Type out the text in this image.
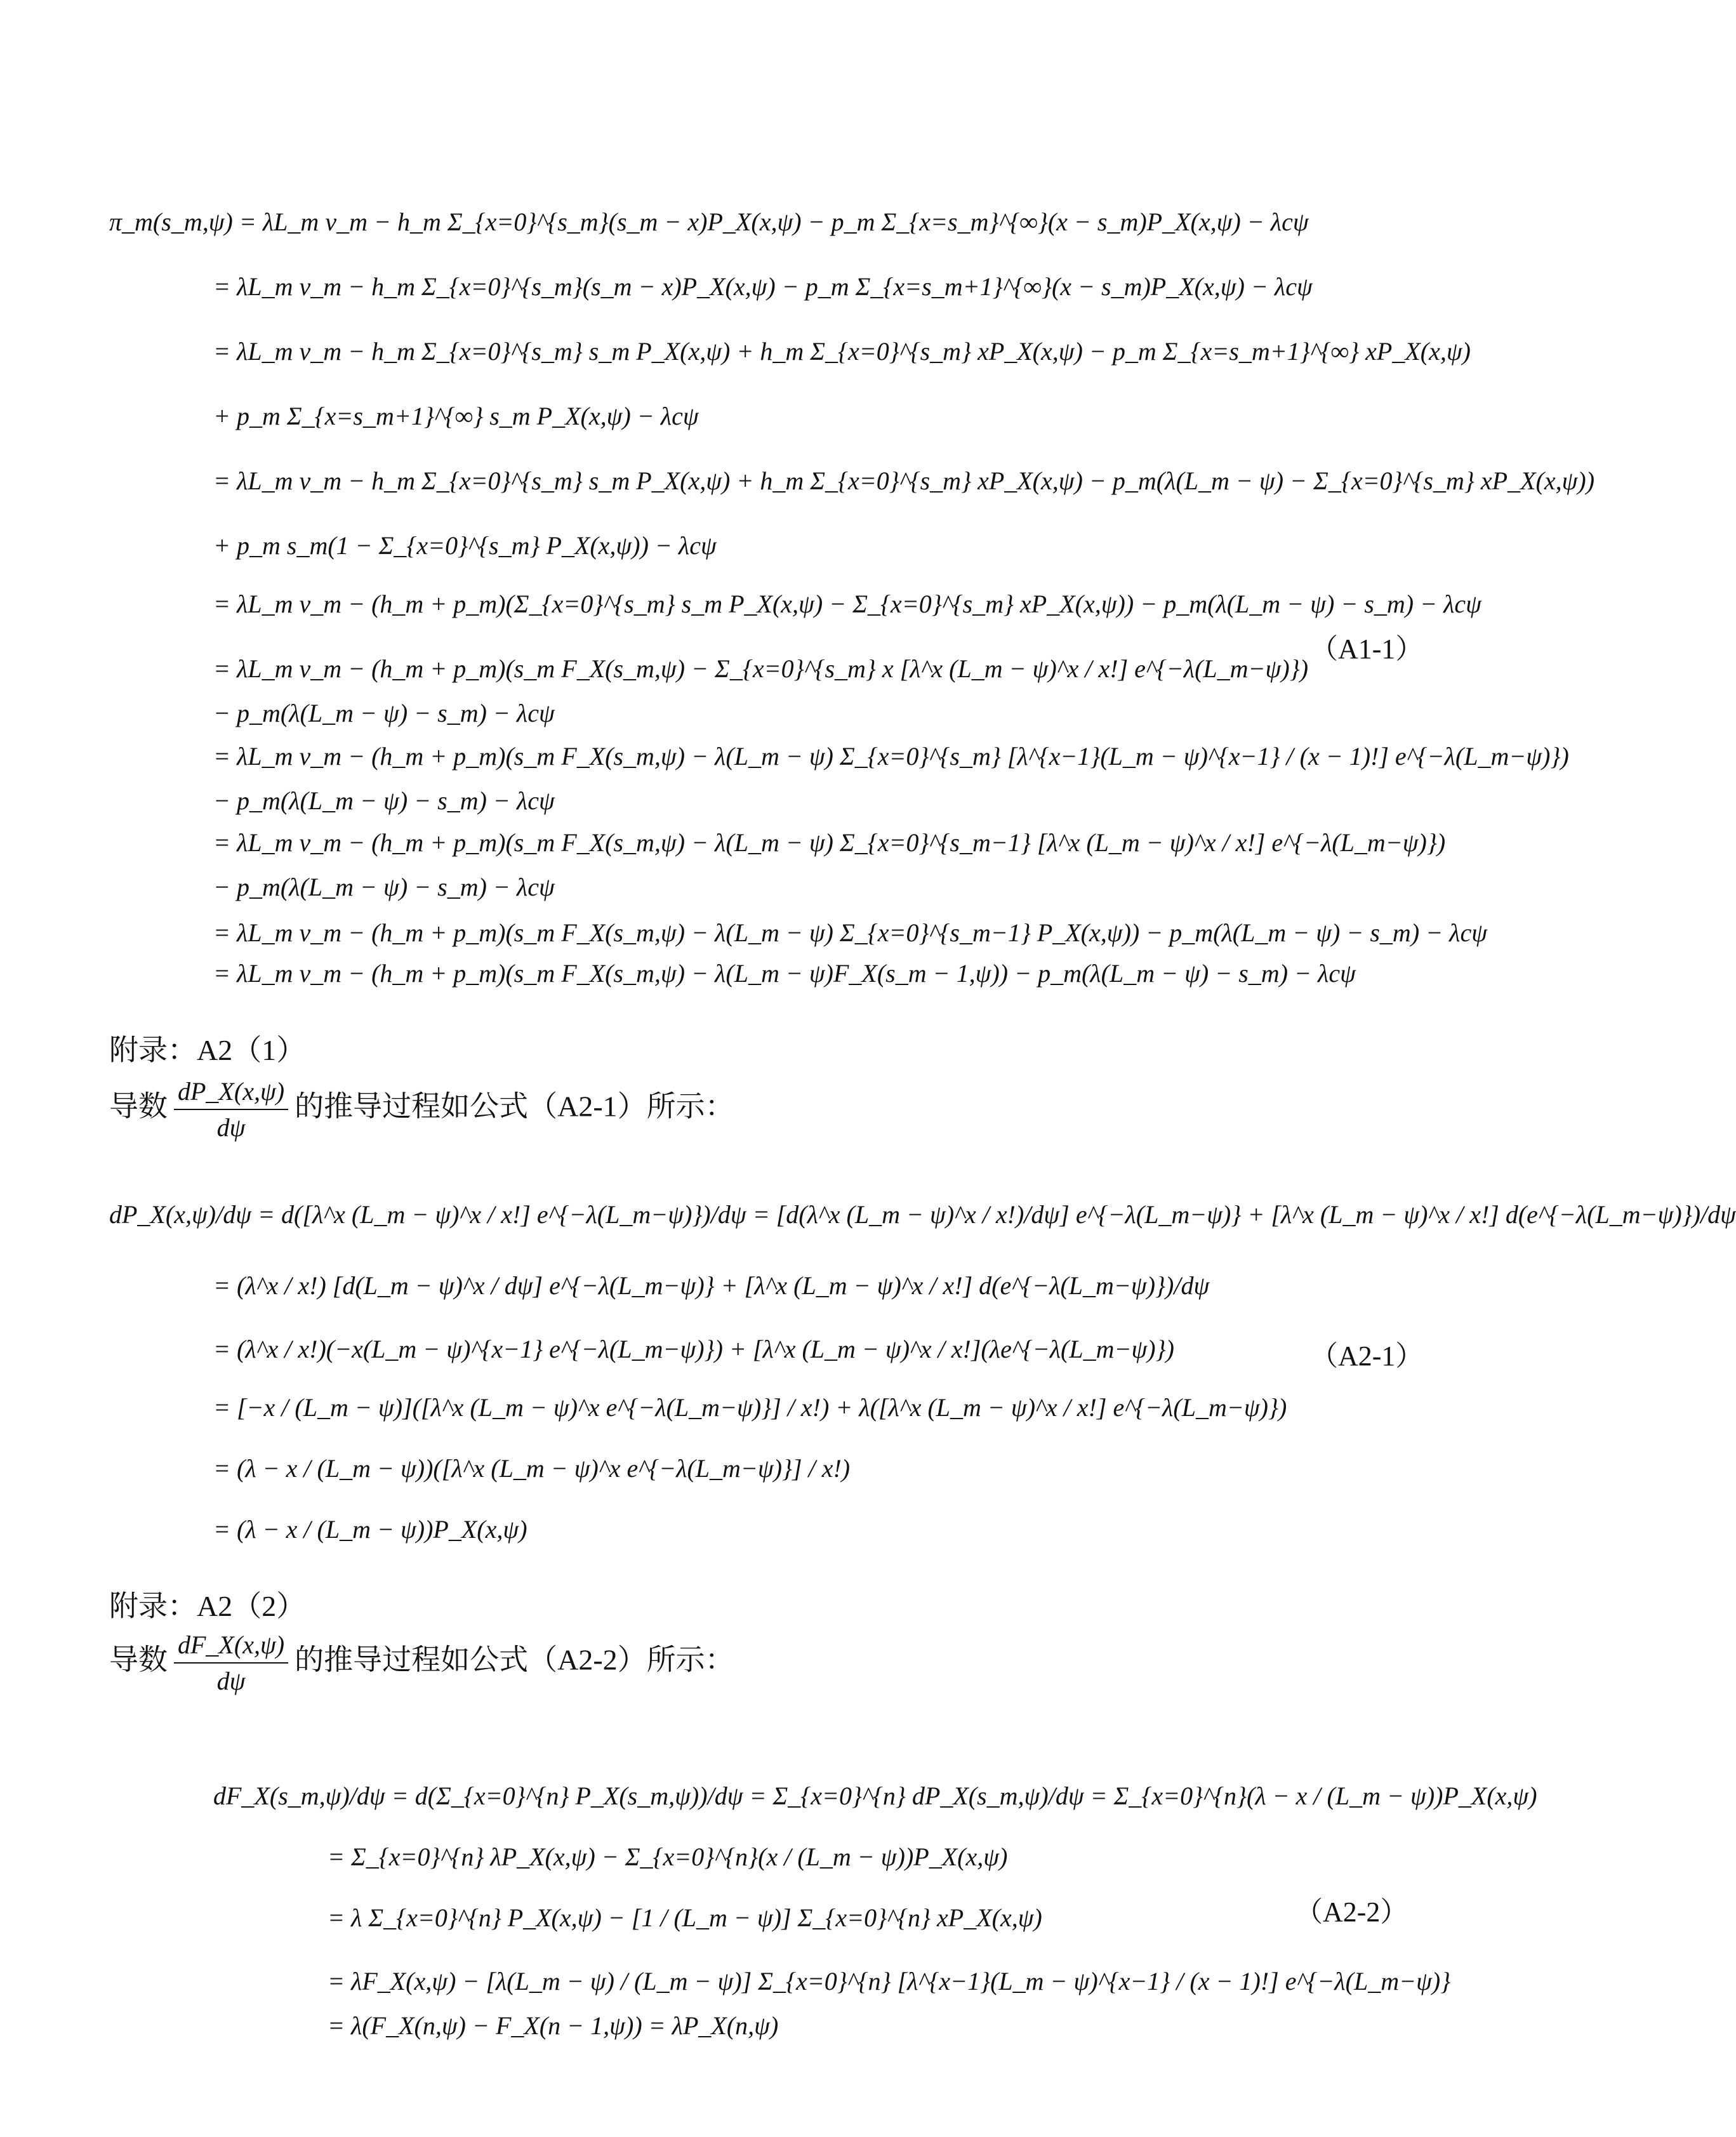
π_m(s_m,ψ) = λL_m v_m − h_m Σ_{x=0}^{s_m}(s_m − x)P_X(x,ψ) − p_m Σ_{x=s_m}^{∞}(x − s_m)P_X(x,ψ) − λcψ
= λL_m v_m − h_m Σ_{x=0}^{s_m}(s_m − x)P_X(x,ψ) − p_m Σ_{x=s_m+1}^{∞}(x − s_m)P_X(x,ψ) − λcψ
= λL_m v_m − h_m Σ_{x=0}^{s_m} s_m P_X(x,ψ) + h_m Σ_{x=0}^{s_m} xP_X(x,ψ) − p_m Σ_{x=s_m+1}^{∞} xP_X(x,ψ)
+ p_m Σ_{x=s_m+1}^{∞} s_m P_X(x,ψ) − λcψ
= λL_m v_m − h_m Σ_{x=0}^{s_m} s_m P_X(x,ψ) + h_m Σ_{x=0}^{s_m} xP_X(x,ψ) − p_m(λ(L_m − ψ) − Σ_{x=0}^{s_m} xP_X(x,ψ))
+ p_m s_m(1 − Σ_{x=0}^{s_m} P_X(x,ψ)) − λcψ
= λL_m v_m − (h_m + p_m)(Σ_{x=0}^{s_m} s_m P_X(x,ψ) − Σ_{x=0}^{s_m} xP_X(x,ψ)) − p_m(λ(L_m − ψ) − s_m) − λcψ
= λL_m v_m − (h_m + p_m)(s_m F_X(s_m,ψ) − Σ_{x=0}^{s_m} x [λ^x (L_m − ψ)^x / x!] e^{−λ(L_m−ψ)})
− p_m(λ(L_m − ψ) − s_m) − λcψ
= λL_m v_m − (h_m + p_m)(s_m F_X(s_m,ψ) − λ(L_m − ψ) Σ_{x=0}^{s_m} [λ^{x−1}(L_m − ψ)^{x−1} / (x − 1)!] e^{−λ(L_m−ψ)})
− p_m(λ(L_m − ψ) − s_m) − λcψ
= λL_m v_m − (h_m + p_m)(s_m F_X(s_m,ψ) − λ(L_m − ψ) Σ_{x=0}^{s_m−1} [λ^x (L_m − ψ)^x / x!] e^{−λ(L_m−ψ)})
− p_m(λ(L_m − ψ) − s_m) − λcψ
= λL_m v_m − (h_m + p_m)(s_m F_X(s_m,ψ) − λ(L_m − ψ) Σ_{x=0}^{s_m−1} P_X(x,ψ)) − p_m(λ(L_m − ψ) − s_m) − λcψ
= λL_m v_m − (h_m + p_m)(s_m F_X(s_m,ψ) − λ(L_m − ψ)F_X(s_m − 1,ψ)) − p_m(λ(L_m − ψ) − s_m) − λcψ
（A1-1）
附录：A2（1）
导数 $\frac{dP\_X(x,\psi)}{d\psi}$ 的推导过程如公式（A2-1）所示：
dP_X(x,ψ)/dψ = d([λ^x (L_m − ψ)^x / x!] e^{−λ(L_m−ψ)})/dψ = [d(λ^x (L_m − ψ)^x / x!)/dψ] e^{−λ(L_m−ψ)} + [λ^x (L_m − ψ)^x / x!] d(e^{−λ(L_m−ψ)})/dψ
= (λ^x / x!) [d(L_m − ψ)^x / dψ] e^{−λ(L_m−ψ)} + [λ^x (L_m − ψ)^x / x!] d(e^{−λ(L_m−ψ)})/dψ
= (λ^x / x!)(−x(L_m − ψ)^{x−1} e^{−λ(L_m−ψ)}) + [λ^x (L_m − ψ)^x / x!](λe^{−λ(L_m−ψ)})
= [−x / (L_m − ψ)]([λ^x (L_m − ψ)^x e^{−λ(L_m−ψ)}] / x!) + λ([λ^x (L_m − ψ)^x / x!] e^{−λ(L_m−ψ)})
= (λ − x / (L_m − ψ))([λ^x (L_m − ψ)^x e^{−λ(L_m−ψ)}] / x!)
= (λ − x / (L_m − ψ))P_X(x,ψ)
（A2-1）
附录：A2（2）
导数 $\frac{dF\_X(x,\psi)}{d\psi}$ 的推导过程如公式（A2-2）所示：
dF_X(s_m,ψ)/dψ = d(Σ_{x=0}^{n} P_X(s_m,ψ))/dψ = Σ_{x=0}^{n} dP_X(s_m,ψ)/dψ = Σ_{x=0}^{n}(λ − x / (L_m − ψ))P_X(x,ψ)
= Σ_{x=0}^{n} λP_X(x,ψ) − Σ_{x=0}^{n}(x / (L_m − ψ))P_X(x,ψ)
= λ Σ_{x=0}^{n} P_X(x,ψ) − [1 / (L_m − ψ)] Σ_{x=0}^{n} xP_X(x,ψ)
= λF_X(x,ψ) − [λ(L_m − ψ) / (L_m − ψ)] Σ_{x=0}^{n} [λ^{x−1}(L_m − ψ)^{x−1} / (x − 1)!] e^{−λ(L_m−ψ)}
= λ(F_X(n,ψ) − F_X(n − 1,ψ)) = λP_X(n,ψ)
（A2-2）
